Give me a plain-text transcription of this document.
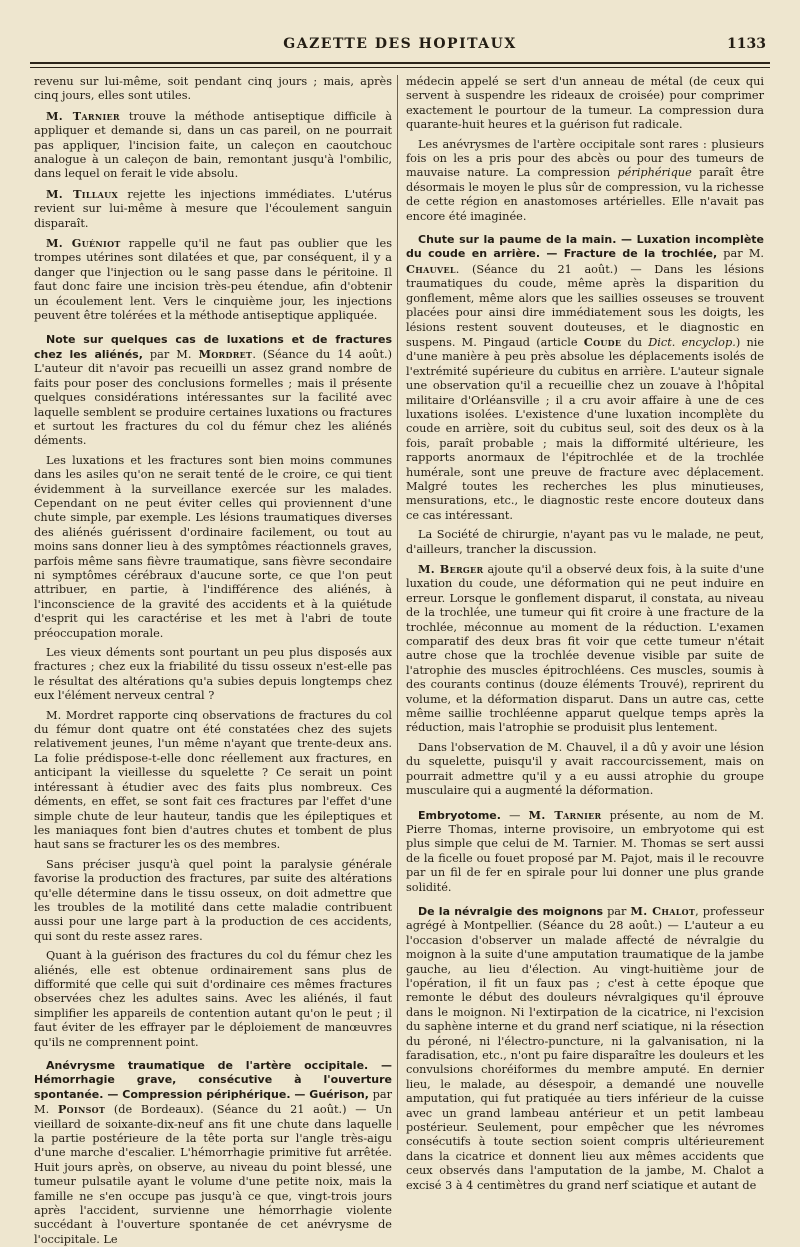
GAZETTE DES HOPITAUX	1133

revenu sur lui-même, soit pendant cinq jours ; mais, après cinq jours, elles sont utiles.

M. Tarnier trouve la méthode antiseptique difficile à appliquer et demande si, dans un cas pareil, on ne pourrait pas appliquer, l'incision faite, un caleçon en caoutchouc analogue à un caleçon de bain, remontant jusqu'à l'ombilic, dans lequel on ferait le vide absolu.

M. Tillaux rejette les injections immédiates. L'utérus revient sur lui-même à mesure que l'écoulement sanguin disparaît.

M. Guéniot rappelle qu'il ne faut pas oublier que les trompes utérines sont dilatées et que, par conséquent, il y a danger que l'injection ou le sang passe dans le péritoine. Il faut donc faire une incision très-peu étendue, afin d'obtenir un écoulement lent. Vers le cinquième jour, les injections peuvent être tolérées et la méthode antiseptique appliquée.

Note sur quelques cas de luxations et de fractures chez les aliénés, par M. Mordret. (Séance du 14 août.) L'auteur dit n'avoir pas recueilli un assez grand nombre de faits pour poser des conclusions formelles ; mais il présente quelques considérations intéressantes sur la facilité avec laquelle semblent se produire certaines luxations ou fractures et surtout les fractures du col du fémur chez les aliénés déments.

Les luxations et les fractures sont bien moins communes dans les asiles qu'on ne serait tenté de le croire, ce qui tient évidemment à la surveillance exercée sur les malades. Cependant on ne peut éviter celles qui proviennent d'une chute simple, par exemple. Les lésions traumatiques diverses des aliénés guérissent d'ordinaire facilement, ou tout au moins sans donner lieu à des symptômes réactionnels graves, parfois même sans fièvre traumatique, sans fièvre secondaire ni symptômes cérébraux d'aucune sorte, ce que l'on peut attribuer, en partie, à l'indifférence des aliénés, à l'inconscience de la gravité des accidents et à la quiétude d'esprit qui les caractérise et les met à l'abri de toute préoccupation morale.

Les vieux déments sont pourtant un peu plus disposés aux fractures ; chez eux la friabilité du tissu osseux n'est-elle pas le résultat des altérations qu'a subies depuis longtemps chez eux l'élément nerveux central ?

M. Mordret rapporte cinq observations de fractures du col du fémur dont quatre ont été constatées chez des sujets relativement jeunes, l'un même n'ayant que trente-deux ans. La folie prédispose-t-elle donc réellement aux fractures, en anticipant la vieillesse du squelette ? Ce serait un point intéressant à étudier avec des faits plus nombreux. Ces déments, en effet, se sont fait ces fractures par l'effet d'une simple chute de leur hauteur, tandis que les épileptiques et les maniaques font bien d'autres chutes et tombent de plus haut sans se fracturer les os des membres.

Sans préciser jusqu'à quel point la paralysie générale favorise la production des fractures, par suite des altérations qu'elle détermine dans le tissu osseux, on doit admettre que les troubles de la motilité dans cette maladie contribuent aussi pour une large part à la production de ces accidents, qui sont du reste assez rares.

Quant à la guérison des fractures du col du fémur chez les aliénés, elle est obtenue ordinairement sans plus de difformité que celle qui suit d'ordinaire ces mêmes fractures observées chez les adultes sains. Avec les aliénés, il faut simplifier les appareils de contention autant qu'on le peut ; il faut éviter de les effrayer par le déploiement de manœuvres qu'ils ne comprennent point.

Anévrysme traumatique de l'artère occipitale. — Hémorrhagie grave, consécutive à l'ouverture spontanée. — Compression périphérique. — Guérison, par M. Poinsot (de Bordeaux). (Séance du 21 août.) — Un vieillard de soixante-dix-neuf ans fit une chute dans laquelle la partie postérieure de la tête porta sur l'angle très-aigu d'une marche d'escalier. L'hémorrhagie primitive fut arrêtée. Huit jours après, on observe, au niveau du point blessé, une tumeur pulsatile ayant le volume d'une petite noix, mais la famille ne s'en occupe pas jusqu'à ce que, vingt-trois jours après l'accident, survienne une hémorrhagie violente succédant à l'ouverture spontanée de cet anévrysme de l'occipitale. Le

médecin appelé se sert d'un anneau de métal (de ceux qui servent à suspendre les rideaux de croisée) pour comprimer exactement le pourtour de la tumeur. La compression dura quarante-huit heures et la guérison fut radicale.

Les anévrysmes de l'artère occipitale sont rares : plusieurs fois on les a pris pour des abcès ou pour des tumeurs de mauvaise nature. La compression périphérique paraît être désormais le moyen le plus sûr de compression, vu la richesse de cette région en anastomoses artérielles. Elle n'avait pas encore été imaginée.

Chute sur la paume de la main. — Luxation incomplète du coude en arrière. — Fracture de la trochlée, par M. Chauvel. (Séance du 21 août.) — Dans les lésions traumatiques du coude, même après la disparition du gonflement, même alors que les saillies osseuses se trouvent placées pour ainsi dire immédiatement sous les doigts, les lésions restent souvent douteuses, et le diagnostic en suspens. M. Pingaud (article Coude du Dict. encyclop.) nie d'une manière à peu près absolue les déplacements isolés de l'extrémité supérieure du cubitus en arrière. L'auteur signale une observation qu'il a recueillie chez un zouave à l'hôpital militaire d'Orléansville ; il a cru avoir affaire à une de ces luxations isolées. L'existence d'une luxation incomplète du coude en arrière, soit du cubitus seul, soit des deux os à la fois, paraît probable ; mais la difformité ultérieure, les rapports anormaux de l'épitrochlée et de la trochlée humérale, sont une preuve de fracture avec déplacement. Malgré toutes les recherches les plus minutieuses, mensurations, etc., le diagnostic reste encore douteux dans ce cas intéressant.

La Société de chirurgie, n'ayant pas vu le malade, ne peut, d'ailleurs, trancher la discussion.

M. Berger ajoute qu'il a observé deux fois, à la suite d'une luxation du coude, une déformation qui ne peut induire en erreur. Lorsque le gonflement disparut, il constata, au niveau de la trochlée, une tumeur qui fit croire à une fracture de la trochlée, méconnue au moment de la réduction. L'examen comparatif des deux bras fit voir que cette tumeur n'était autre chose que la trochlée devenue visible par suite de l'atrophie des muscles épitrochléens. Ces muscles, soumis à des courants continus (douze éléments Trouvé), reprirent du volume, et la déformation disparut. Dans un autre cas, cette même saillie trochléenne apparut quelque temps après la réduction, mais l'atrophie se produisit plus lentement.

Dans l'observation de M. Chauvel, il a dû y avoir une lésion du squelette, puisqu'il y avait raccourcissement, mais on pourrait admettre qu'il y a eu aussi atrophie du groupe musculaire qui a augmenté la déformation.

Embryotome. — M. Tarnier présente, au nom de M. Pierre Thomas, interne provisoire, un embryotome qui est plus simple que celui de M. Tarnier. M. Thomas se sert aussi de la ficelle ou fouet proposé par M. Pajot, mais il le recouvre par un fil de fer en spirale pour lui donner une plus grande solidité.

De la névralgie des moignons par M. Chalot, professeur agrégé à Montpellier. (Séance du 28 août.) — L'auteur a eu l'occasion d'observer un malade affecté de névralgie du moignon à la suite d'une amputation traumatique de la jambe gauche, au lieu d'élection. Au vingt-huitième jour de l'opération, il fit un faux pas ; c'est à cette époque que remonte le début des douleurs névralgiques qu'il éprouve dans le moignon. Ni l'extirpation de la cicatrice, ni l'excision du saphène interne et du grand nerf sciatique, ni la résection du péroné, ni l'électro-puncture, ni la galvanisation, ni la faradisation, etc., n'ont pu faire disparaître les douleurs et les convulsions choréiformes du membre amputé. En dernier lieu, le malade, au désespoir, a demandé une nouvelle amputation, qui fut pratiquée au tiers inférieur de la cuisse avec un grand lambeau antérieur et un petit lambeau postérieur. Seulement, pour empêcher que les névromes consécutifs à toute section soient compris ultérieurement dans la cicatrice et donnent lieu aux mêmes accidents que ceux observés dans l'amputation de la jambe, M. Chalot a excisé 3 à 4 centimètres du grand nerf sciatique et autant de
